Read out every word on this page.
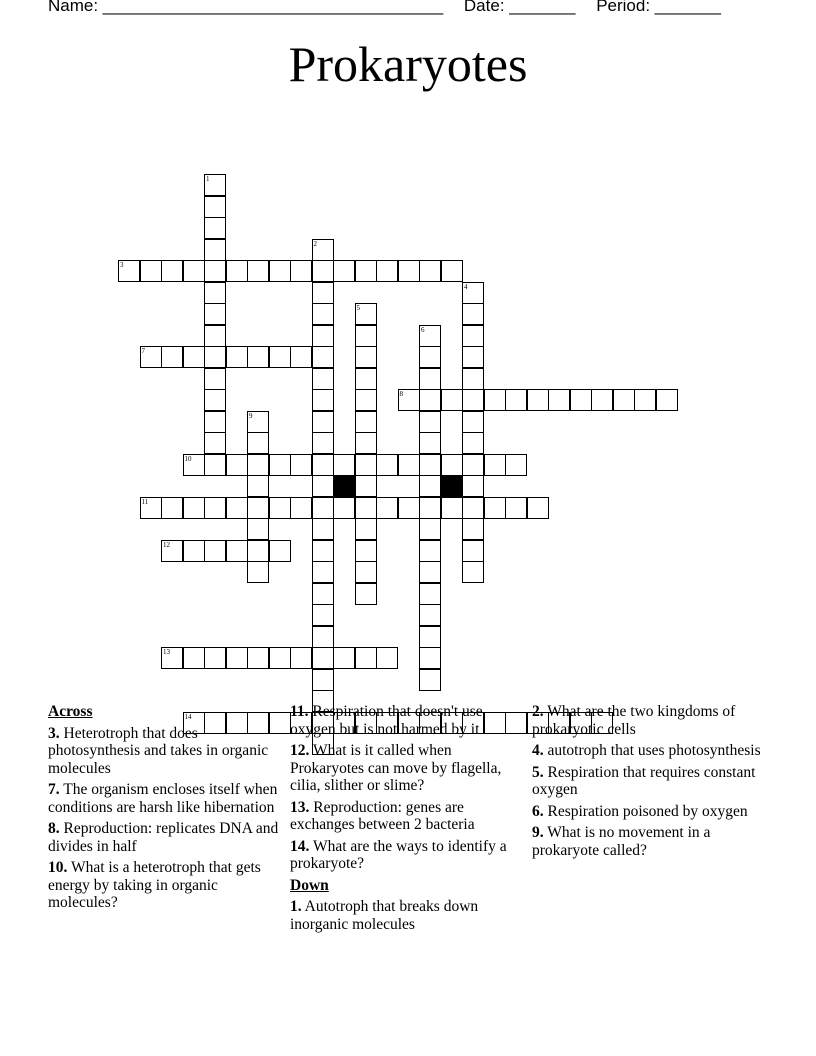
Name: ____________________________________ Date: _______ Period: _______
Prokaryotes
1
2
3
4
5
6
7
8
9
10
11
12
13
14
Across
3. Heterotroph that does photosynthesis and takes in organic molecules
7. The organism encloses itself when conditions are harsh like hibernation
8. Reproduction: replicates DNA and divides in half
10. What is a heterotroph that gets energy by taking in organic molecules?
11. Respiration that doesn't use oxygen but is not harmed by it
12. What is it called when Prokaryotes can move by flagella, cilia, slither or slime?
13. Reproduction: genes are exchanges between 2 bacteria
14. What are the ways to identify a prokaryote?
Down
1. Autotroph that breaks down inorganic molecules
2. What are the two kingdoms of prokaryotic cells
4. autotroph that uses photosynthesis
5. Respiration that requires constant oxygen
6. Respiration poisoned by oxygen
9. What is no movement in a prokaryote called?
